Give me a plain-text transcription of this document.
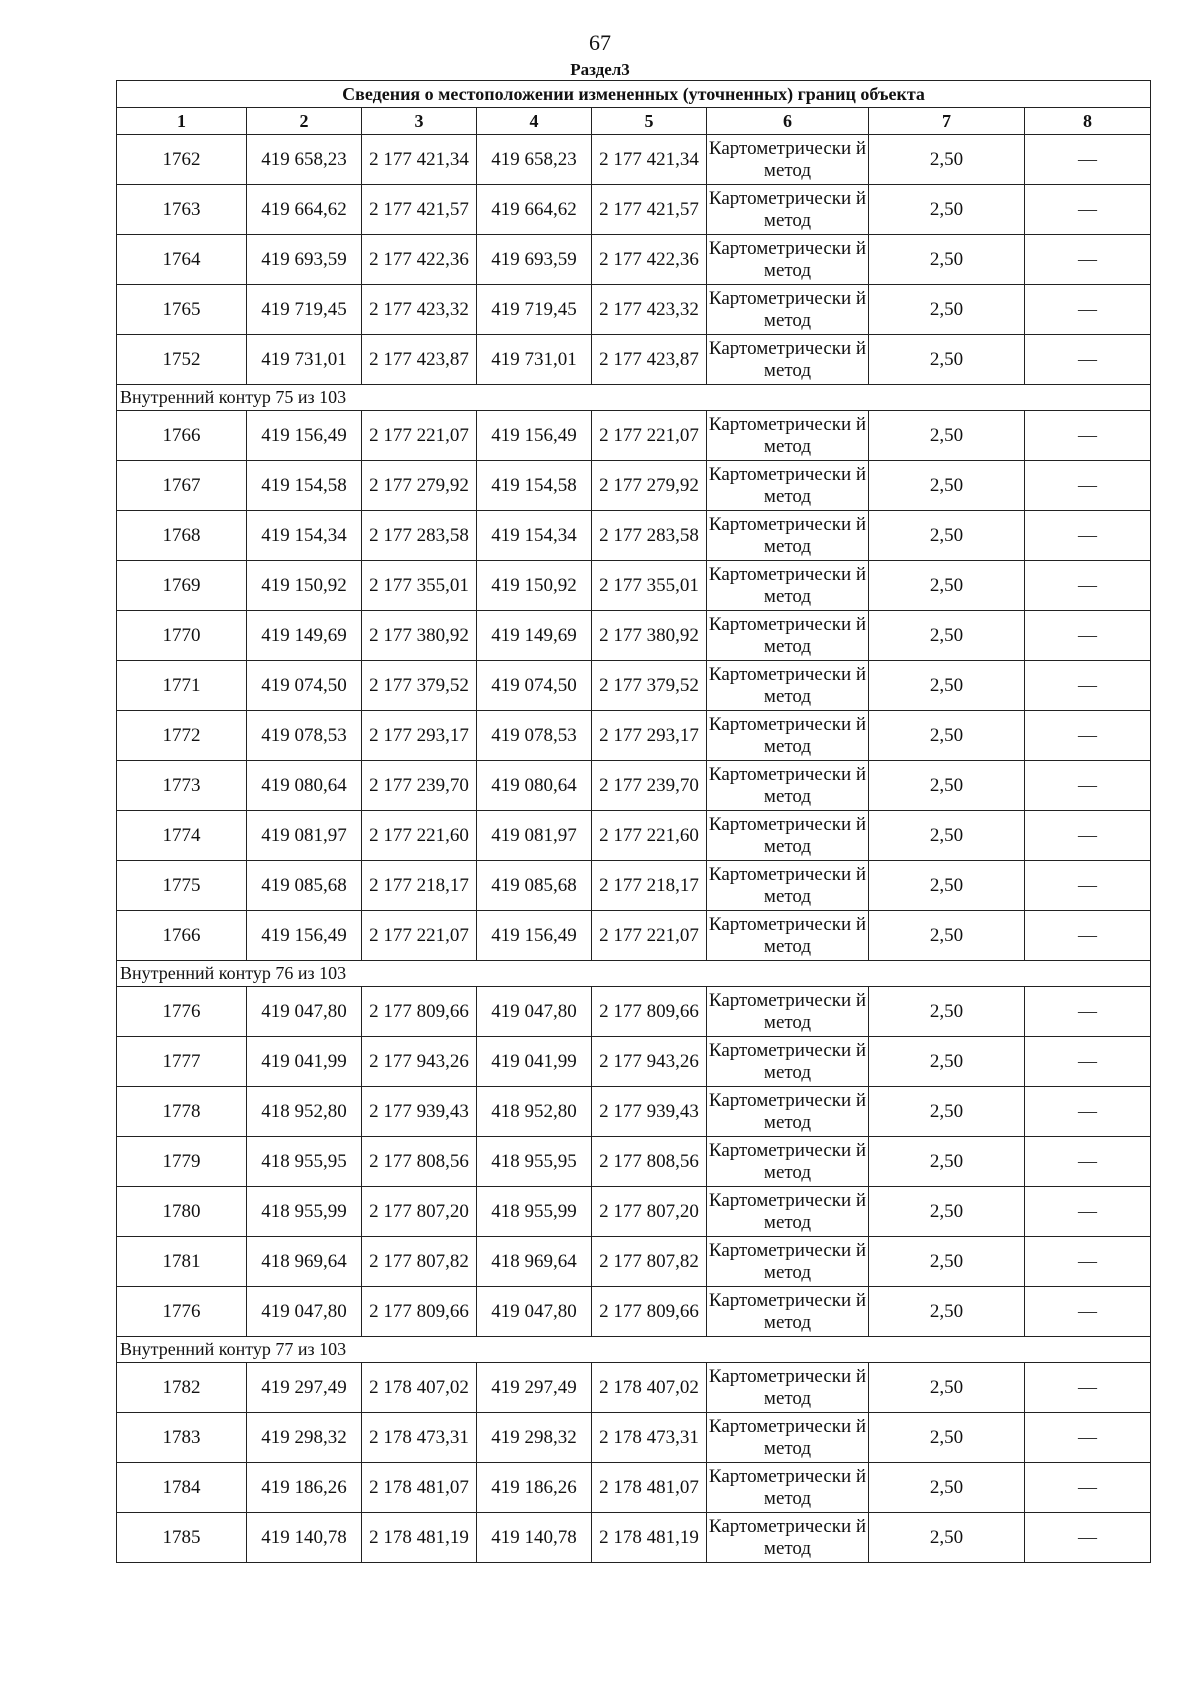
67
Раздел3
Сведения о местоположении измененных (уточненных) границ объекта							
1	2	3	4	5	6	7	8
1762	419 658,23	2 177 421,34	419 658,23	2 177 421,34	Картометрически й метод	2,50	—
1763	419 664,62	2 177 421,57	419 664,62	2 177 421,57	Картометрически й метод	2,50	—
1764	419 693,59	2 177 422,36	419 693,59	2 177 422,36	Картометрически й метод	2,50	—
1765	419 719,45	2 177 423,32	419 719,45	2 177 423,32	Картометрически й метод	2,50	—
1752	419 731,01	2 177 423,87	419 731,01	2 177 423,87	Картометрически й метод	2,50	—
Внутренний контур 75 из 103							
1766	419 156,49	2 177 221,07	419 156,49	2 177 221,07	Картометрически й метод	2,50	—
1767	419 154,58	2 177 279,92	419 154,58	2 177 279,92	Картометрически й метод	2,50	—
1768	419 154,34	2 177 283,58	419 154,34	2 177 283,58	Картометрически й метод	2,50	—
1769	419 150,92	2 177 355,01	419 150,92	2 177 355,01	Картометрически й метод	2,50	—
1770	419 149,69	2 177 380,92	419 149,69	2 177 380,92	Картометрически й метод	2,50	—
1771	419 074,50	2 177 379,52	419 074,50	2 177 379,52	Картометрически й метод	2,50	—
1772	419 078,53	2 177 293,17	419 078,53	2 177 293,17	Картометрически й метод	2,50	—
1773	419 080,64	2 177 239,70	419 080,64	2 177 239,70	Картометрически й метод	2,50	—
1774	419 081,97	2 177 221,60	419 081,97	2 177 221,60	Картометрически й метод	2,50	—
1775	419 085,68	2 177 218,17	419 085,68	2 177 218,17	Картометрически й метод	2,50	—
1766	419 156,49	2 177 221,07	419 156,49	2 177 221,07	Картометрически й метод	2,50	—
Внутренний контур 76 из 103							
1776	419 047,80	2 177 809,66	419 047,80	2 177 809,66	Картометрически й метод	2,50	—
1777	419 041,99	2 177 943,26	419 041,99	2 177 943,26	Картометрически й метод	2,50	—
1778	418 952,80	2 177 939,43	418 952,80	2 177 939,43	Картометрически й метод	2,50	—
1779	418 955,95	2 177 808,56	418 955,95	2 177 808,56	Картометрически й метод	2,50	—
1780	418 955,99	2 177 807,20	418 955,99	2 177 807,20	Картометрически й метод	2,50	—
1781	418 969,64	2 177 807,82	418 969,64	2 177 807,82	Картометрически й метод	2,50	—
1776	419 047,80	2 177 809,66	419 047,80	2 177 809,66	Картометрически й метод	2,50	—
Внутренний контур 77 из 103							
1782	419 297,49	2 178 407,02	419 297,49	2 178 407,02	Картометрически й метод	2,50	—
1783	419 298,32	2 178 473,31	419 298,32	2 178 473,31	Картометрически й метод	2,50	—
1784	419 186,26	2 178 481,07	419 186,26	2 178 481,07	Картометрически й метод	2,50	—
1785	419 140,78	2 178 481,19	419 140,78	2 178 481,19	Картометрически й метод	2,50	—
